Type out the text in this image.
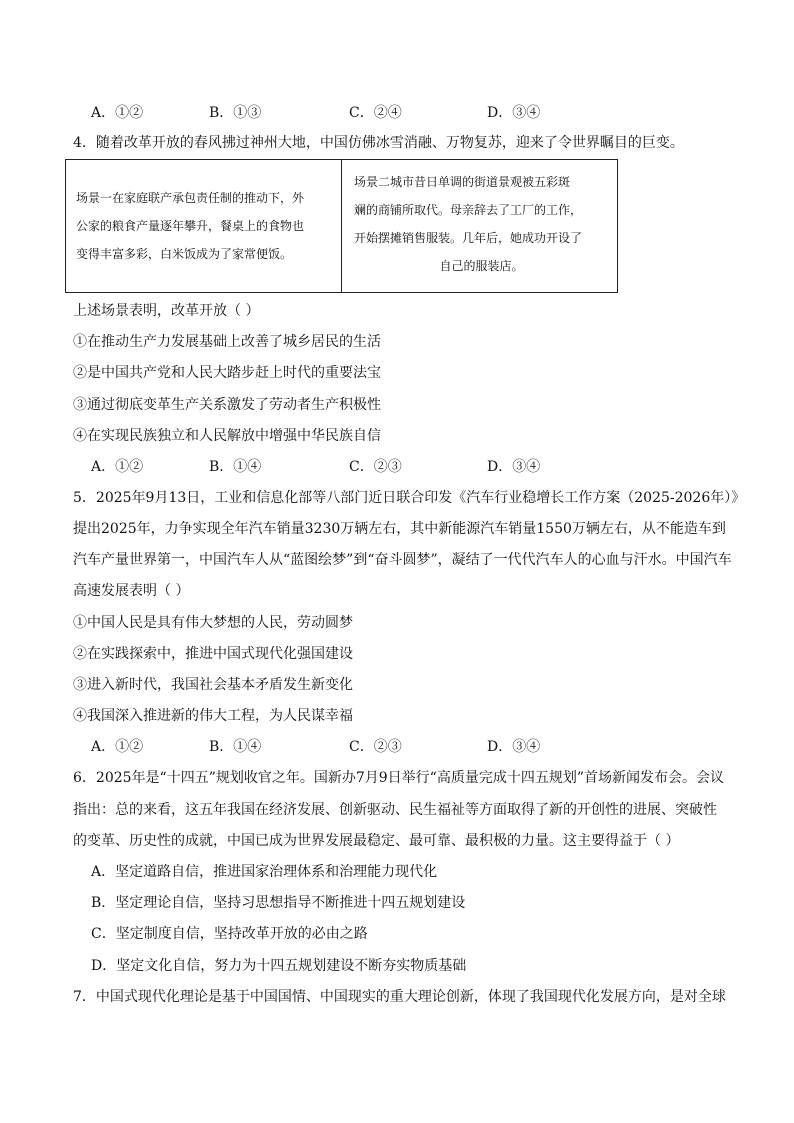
A．①②	B．①③	C．②④	D．③④
4．随着改革开放的春风拂过神州大地，中国仿佛冰雪消融、万物复苏，迎来了令世界瞩目的巨变。
场景一在家庭联产承包责任制的推动下，外
公家的粮食产量逐年攀升，餐桌上的食物也
变得丰富多彩，白米饭成为了家常便饭。
场景二城市昔日单调的街道景观被五彩斑
斓的商铺所取代。母亲辞去了工厂的工作，
开始摆摊销售服装。几年后，她成功开设了
自己的服装店。
上述场景表明，改革开放（ ）
①在推动生产力发展基础上改善了城乡居民的生活
②是中国共产党和人民大踏步赶上时代的重要法宝
③通过彻底变革生产关系激发了劳动者生产积极性
④在实现民族独立和人民解放中增强中华民族自信
A．①②	B．①④	C．②③	D．③④
5．2025年9月13日，工业和信息化部等八部门近日联合印发《汽车行业稳增长工作方案（2025-2026年）》
提出2025年，力争实现全年汽车销量3230万辆左右，其中新能源汽车销量1550万辆左右，从不能造车到
汽车产量世界第一，中国汽车人从“蓝图绘梦”到“奋斗圆梦”，凝结了一代代汽车人的心血与汗水。中国汽车
高速发展表明（ ）
①中国人民是具有伟大梦想的人民，劳动圆梦
②在实践探索中，推进中国式现代化强国建设
③进入新时代，我国社会基本矛盾发生新变化
④我国深入推进新的伟大工程，为人民谋幸福
A．①②	B．①④	C．②③	D．③④
6．2025年是“十四五”规划收官之年。国新办7月9日举行“高质量完成十四五规划”首场新闻发布会。会议
指出：总的来看，这五年我国在经济发展、创新驱动、民生福祉等方面取得了新的开创性的进展、突破性
的变革、历史性的成就，中国已成为世界发展最稳定、最可靠、最积极的力量。这主要得益于（ ）
A．坚定道路自信，推进国家治理体系和治理能力现代化
B．坚定理论自信，坚持习思想指导不断推进十四五规划建设
C．坚定制度自信，坚持改革开放的必由之路
D．坚定文化自信，努力为十四五规划建设不断夯实物质基础
7．中国式现代化理论是基于中国国情、中国现实的重大理论创新，体现了我国现代化发展方向，是对全球
